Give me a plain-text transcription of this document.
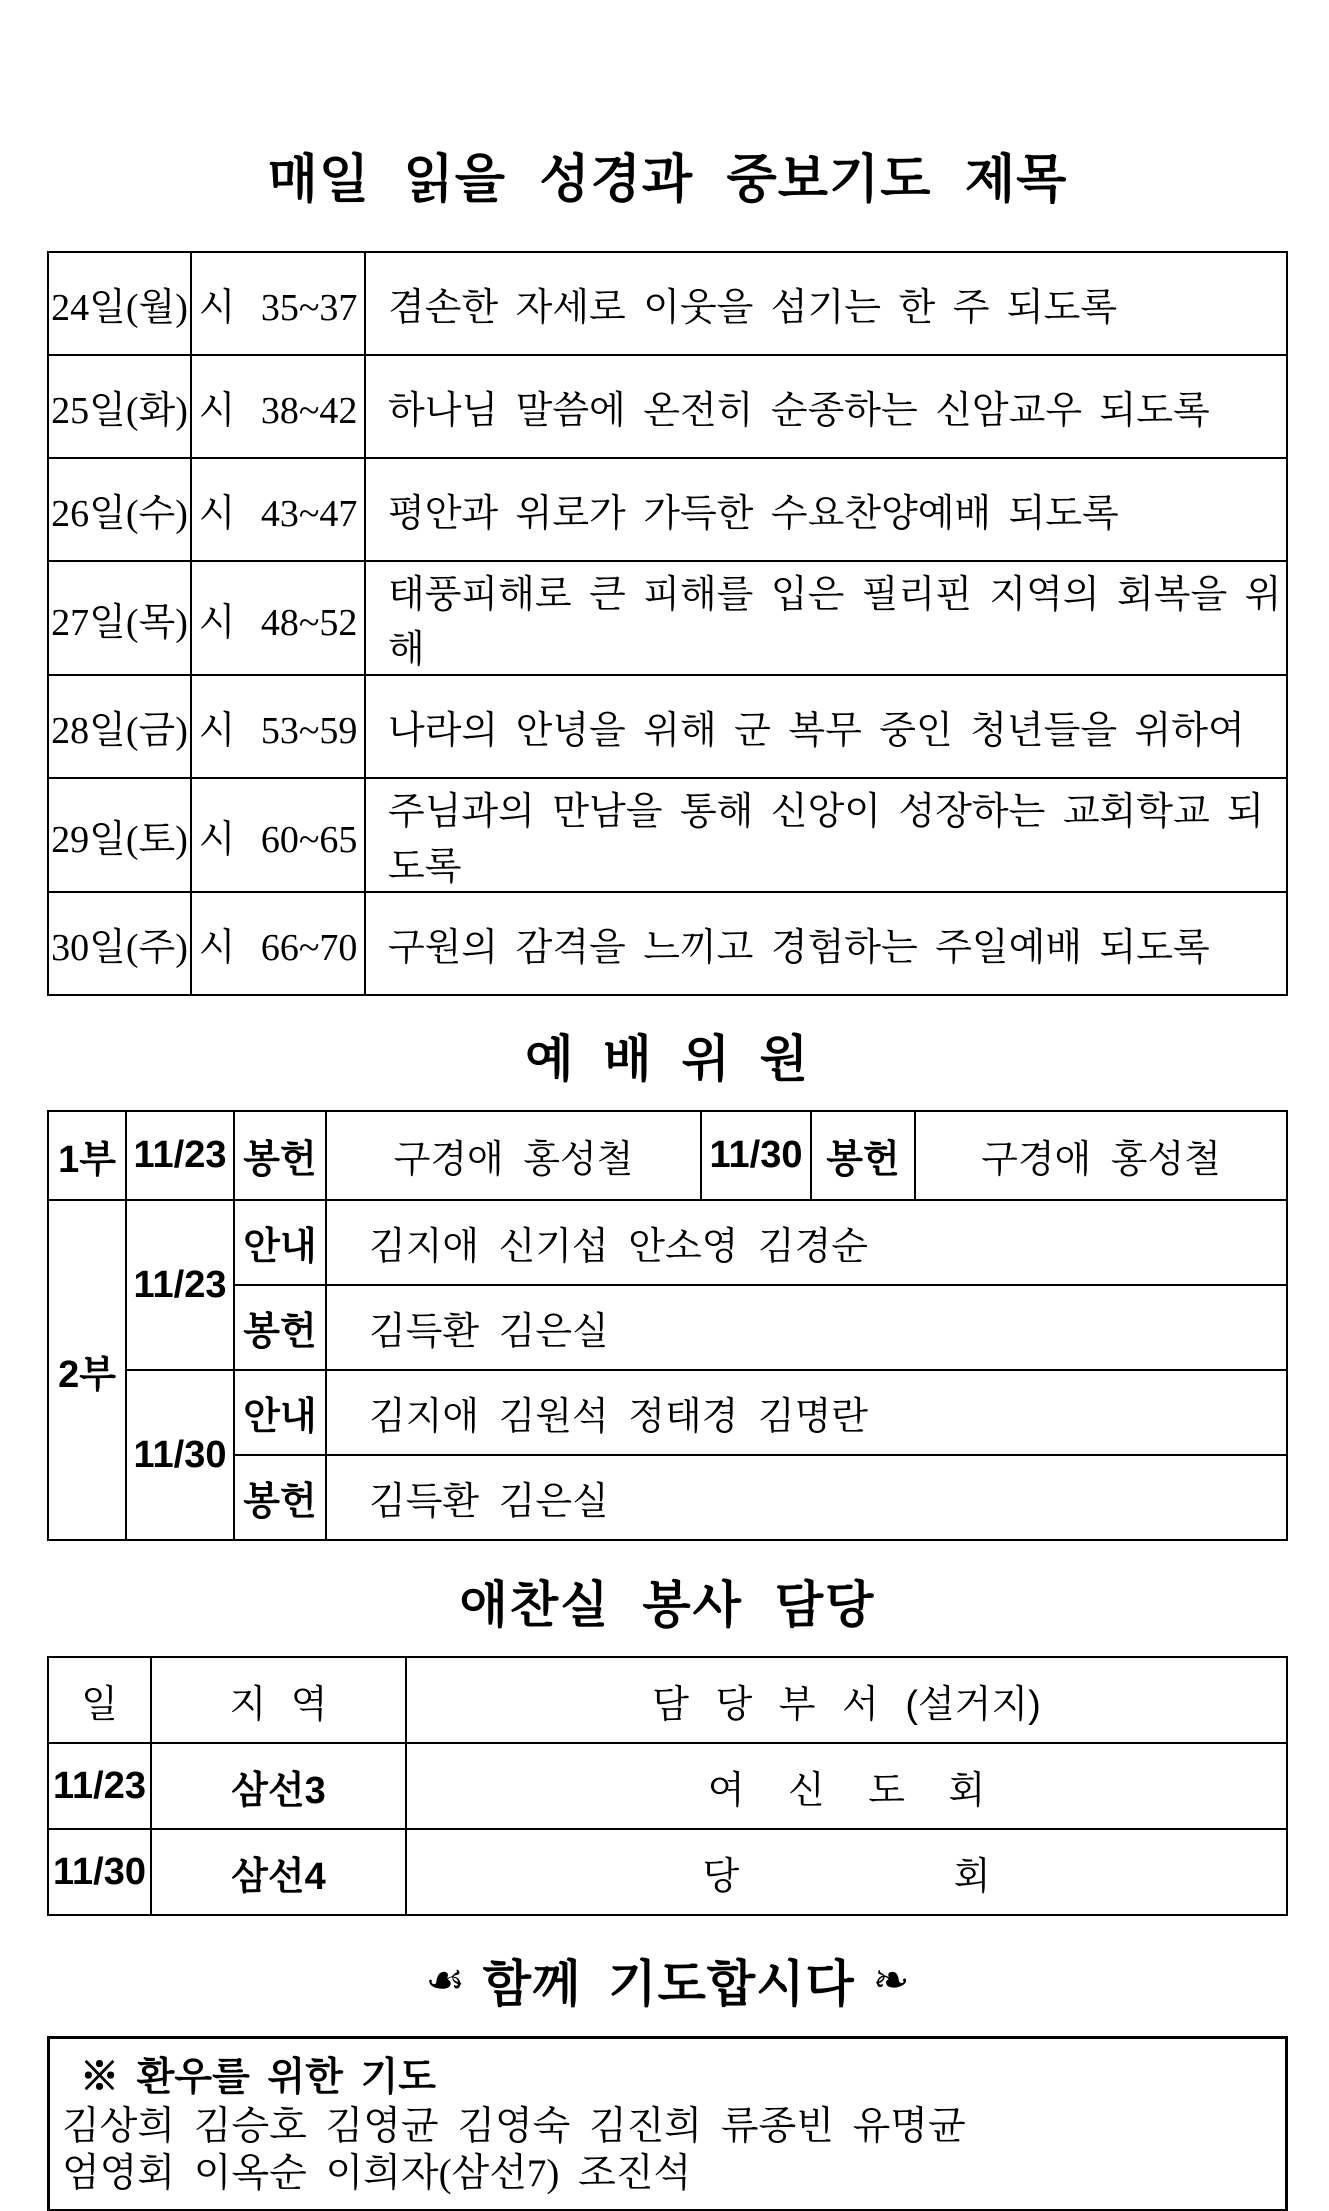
매일 읽을 성경과 중보기도 제목
24일(월)	시 35~37	겸손한 자세로 이웃을 섬기는 한 주 되도록
25일(화)	시 38~42	하나님 말씀에 온전히 순종하는 신암교우 되도록
26일(수)	시 43~47	평안과 위로가 가득한 수요찬양예배 되도록
27일(목)	시 48~52	태풍피해로 큰 피해를 입은 필리핀 지역의 회복을 위해
28일(금)	시 53~59	나라의 안녕을 위해 군 복무 중인 청년들을 위하여
29일(토)	시 60~65	주님과의 만남을 통해 신앙이 성장하는 교회학교 되도록
30일(주)	시 66~70	구원의 감격을 느끼고 경험하는 주일예배 되도록
예 배 위 원
1부	11/23	봉헌	구경애 홍성철	11/30	봉헌	구경애 홍성철
2부	11/23	안내	김지애 신기섭 안소영 김경순			
		봉헌	김득환 김은실			
	11/30	안내	김지애 김원석 정태경 김명란			
		봉헌	김득환 김은실			
애찬실 봉사 담당
일	지 역	담 당 부 서 (설거지)
11/23	삼선3	여 신 도 회
11/30	삼선4	당 회
☙ 함께 기도합시다 ❧

※ 환우를 위한 기도

김상희 김승호 김영균 김영숙 김진희 류종빈 유명균

엄영회 이옥순 이희자(삼선7) 조진석
